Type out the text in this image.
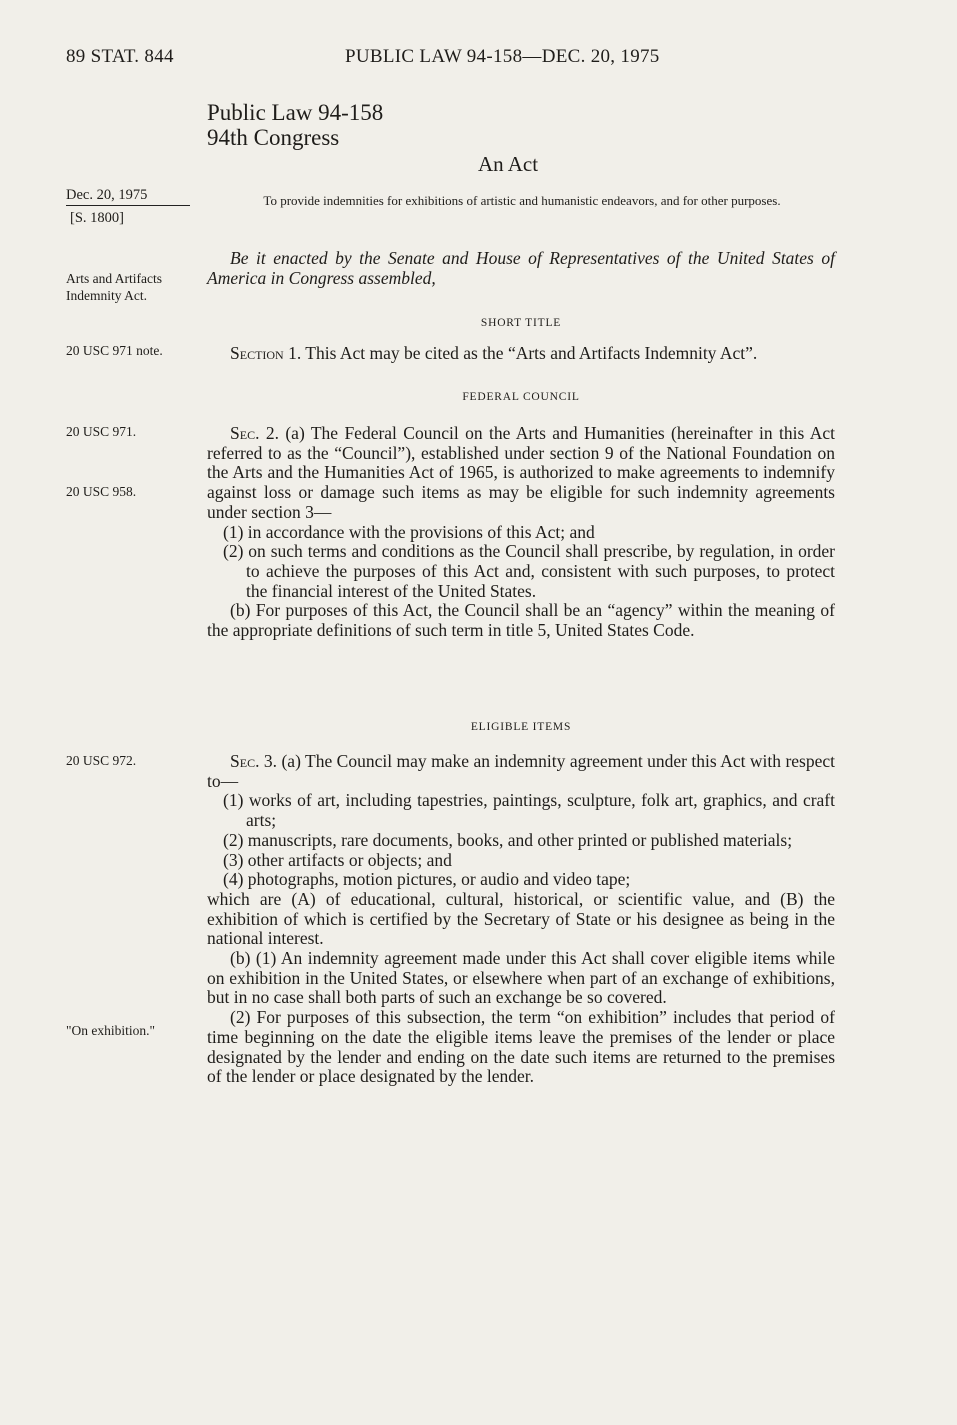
89 STAT. 844	PUBLIC LAW 94-158—DEC. 20, 1975
Public Law 94-158
94th Congress
An Act
To provide indemnities for exhibitions of artistic and humanistic endeavors, and for other purposes.
Dec. 20, 1975
[S. 1800]
Arts and Artifacts Indemnity Act.
20 USC 971 note.
20 USC 971.
20 USC 958.
20 USC 972.
"On exhibition."

Be it enacted by the Senate and House of Representatives of the United States of America in Congress assembled,

SHORT TITLE
FEDERAL COUNCIL
ELIGIBLE ITEMS

Section 1. This Act may be cited as the “Arts and Artifacts Indemnity Act”.

Sec. 2. (a) The Federal Council on the Arts and Humanities (hereinafter in this Act referred to as the “Council”), established under section 9 of the National Foundation on the Arts and the Humanities Act of 1965, is authorized to make agreements to indemnify against loss or damage such items as may be eligible for such indemnity agreements under section 3—

(1) in accordance with the provisions of this Act; and

(2) on such terms and conditions as the Council shall prescribe, by regulation, in order to achieve the purposes of this Act and, consistent with such purposes, to protect the financial interest of the United States.

(b) For purposes of this Act, the Council shall be an “agency” within the meaning of the appropriate definitions of such term in title 5, United States Code.

Sec. 3. (a) The Council may make an indemnity agreement under this Act with respect to—

(1) works of art, including tapestries, paintings, sculpture, folk art, graphics, and craft arts;

(2) manuscripts, rare documents, books, and other printed or published materials;

(3) other artifacts or objects; and

(4) photographs, motion pictures, or audio and video tape;

which are (A) of educational, cultural, historical, or scientific value, and (B) the exhibition of which is certified by the Secretary of State or his designee as being in the national interest.

(b) (1) An indemnity agreement made under this Act shall cover eligible items while on exhibition in the United States, or elsewhere when part of an exchange of exhibitions, but in no case shall both parts of such an exchange be so covered.

(2) For purposes of this subsection, the term “on exhibition” includes that period of time beginning on the date the eligible items leave the premises of the lender or place designated by the lender and ending on the date such items are returned to the premises of the lender or place designated by the lender.
